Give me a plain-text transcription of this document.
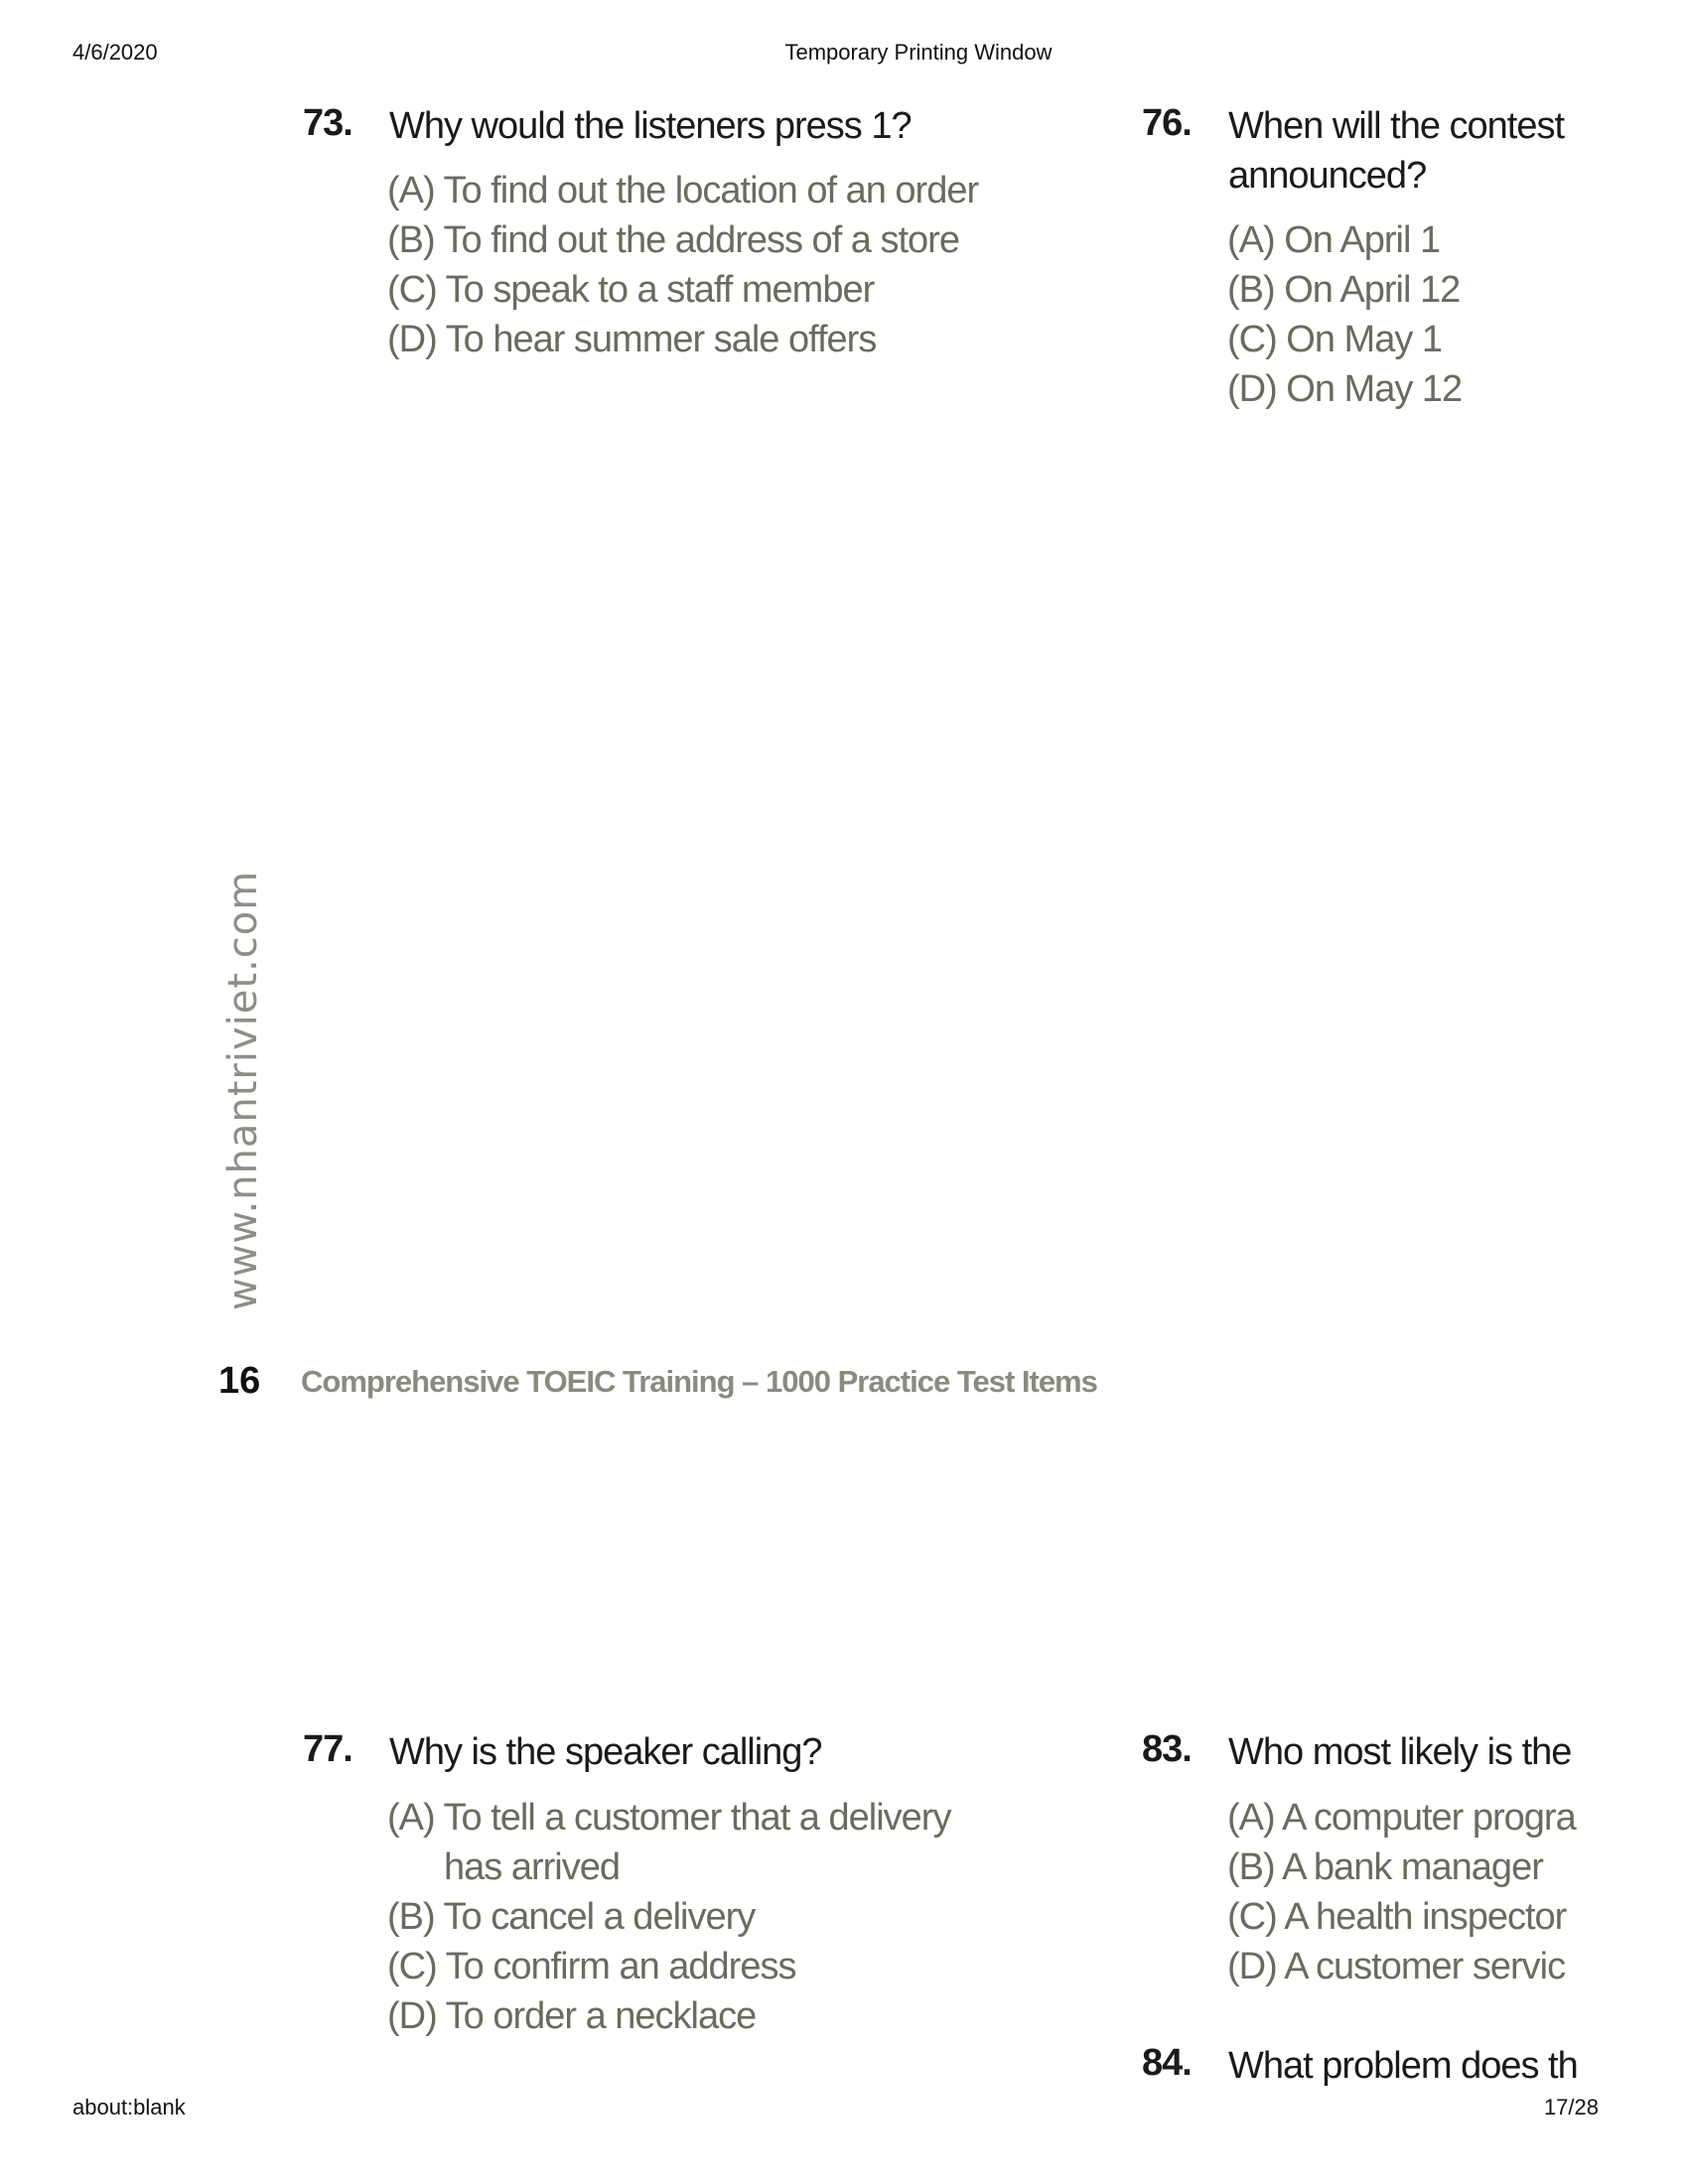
4/6/2020	Temporary Printing Window
73. Why would the listeners press 1?
(A) To find out the location of an order
(B) To find out the address of a store
(C) To speak to a staff member
(D) To hear summer sale offers
76. When will the contest
announced?
(A) On April 1
(B) On April 12
(C) On May 1
(D) On May 12
www.nhantriviet.com
16 Comprehensive TOEIC Training – 1000 Practice Test Items
77. Why is the speaker calling?
(A) To tell a customer that a delivery
has arrived
(B) To cancel a delivery
(C) To confirm an address
(D) To order a necklace
83. Who most likely is the
(A) A computer progra
(B) A bank manager
(C) A health inspector
(D) A customer servic
84. What problem does th
about:blank	17/28
